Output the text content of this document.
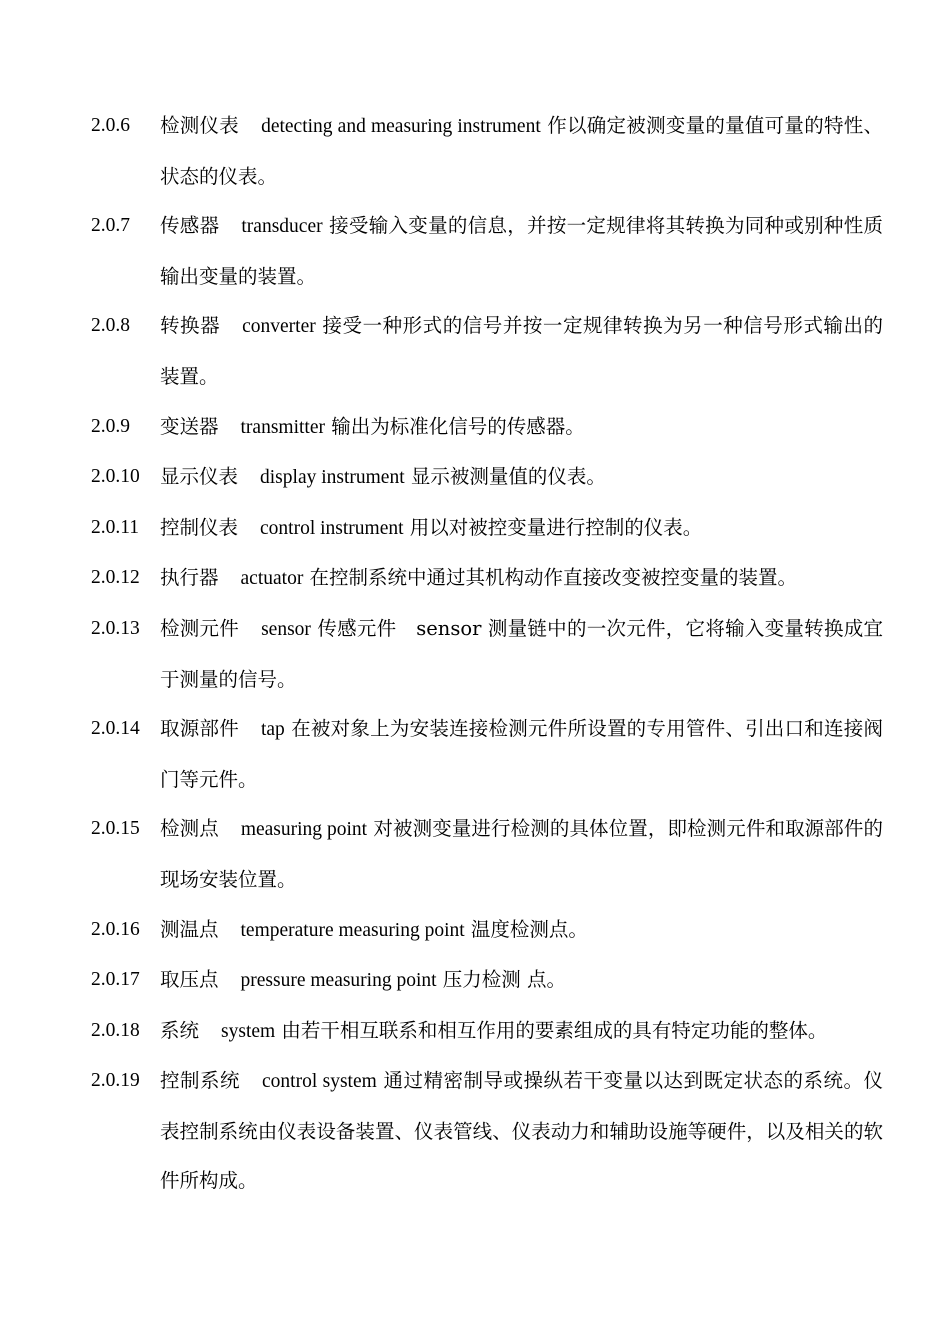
2.0.6	检测仪表 detecting and measuring instrument 作以确定被测变量的量值可量的特性、状态的仪表。
2.0.7	传感器 transducer 接受输入变量的信息，并按一定规律将其转换为同种或别种性质输出变量的装置。
2.0.8	转换器 converter 接受一种形式的信号并按一定规律转换为另一种信号形式输出的装置。
2.0.9	变送器 transmitter 输出为标准化信号的传感器。
2.0.10	显示仪表 display instrument 显示被测量值的仪表。
2.0.11	控制仪表 control instrument 用以对被控变量进行控制的仪表。
2.0.12	执行器 actuator 在控制系统中通过其机构动作直接改变被控变量的装置。
2.0.13	检测元件 sensor 传感元件　sensor 测量链中的一次元件，它将输入变量转换成宜于测量的信号。
2.0.14	取源部件 tap 在被对象上为安装连接检测元件所设置的专用管件、引出口和连接阀门等元件。
2.0.15	检测点 measuring point 对被测变量进行检测的具体位置，即检测元件和取源部件的现场安装位置。
2.0.16	测温点 temperature measuring point 温度检测点。
2.0.17	取压点 pressure measuring point 压力检测 点。
2.0.18	系统 system 由若干相互联系和相互作用的要素组成的具有特定功能的整体。
2.0.19	控制系统 control system 通过精密制导或操纵若干变量以达到既定状态的系统。仪表控制系统由仪表设备装置、仪表管线、仪表动力和辅助设施等硬件，以及相关的软件所构成。
